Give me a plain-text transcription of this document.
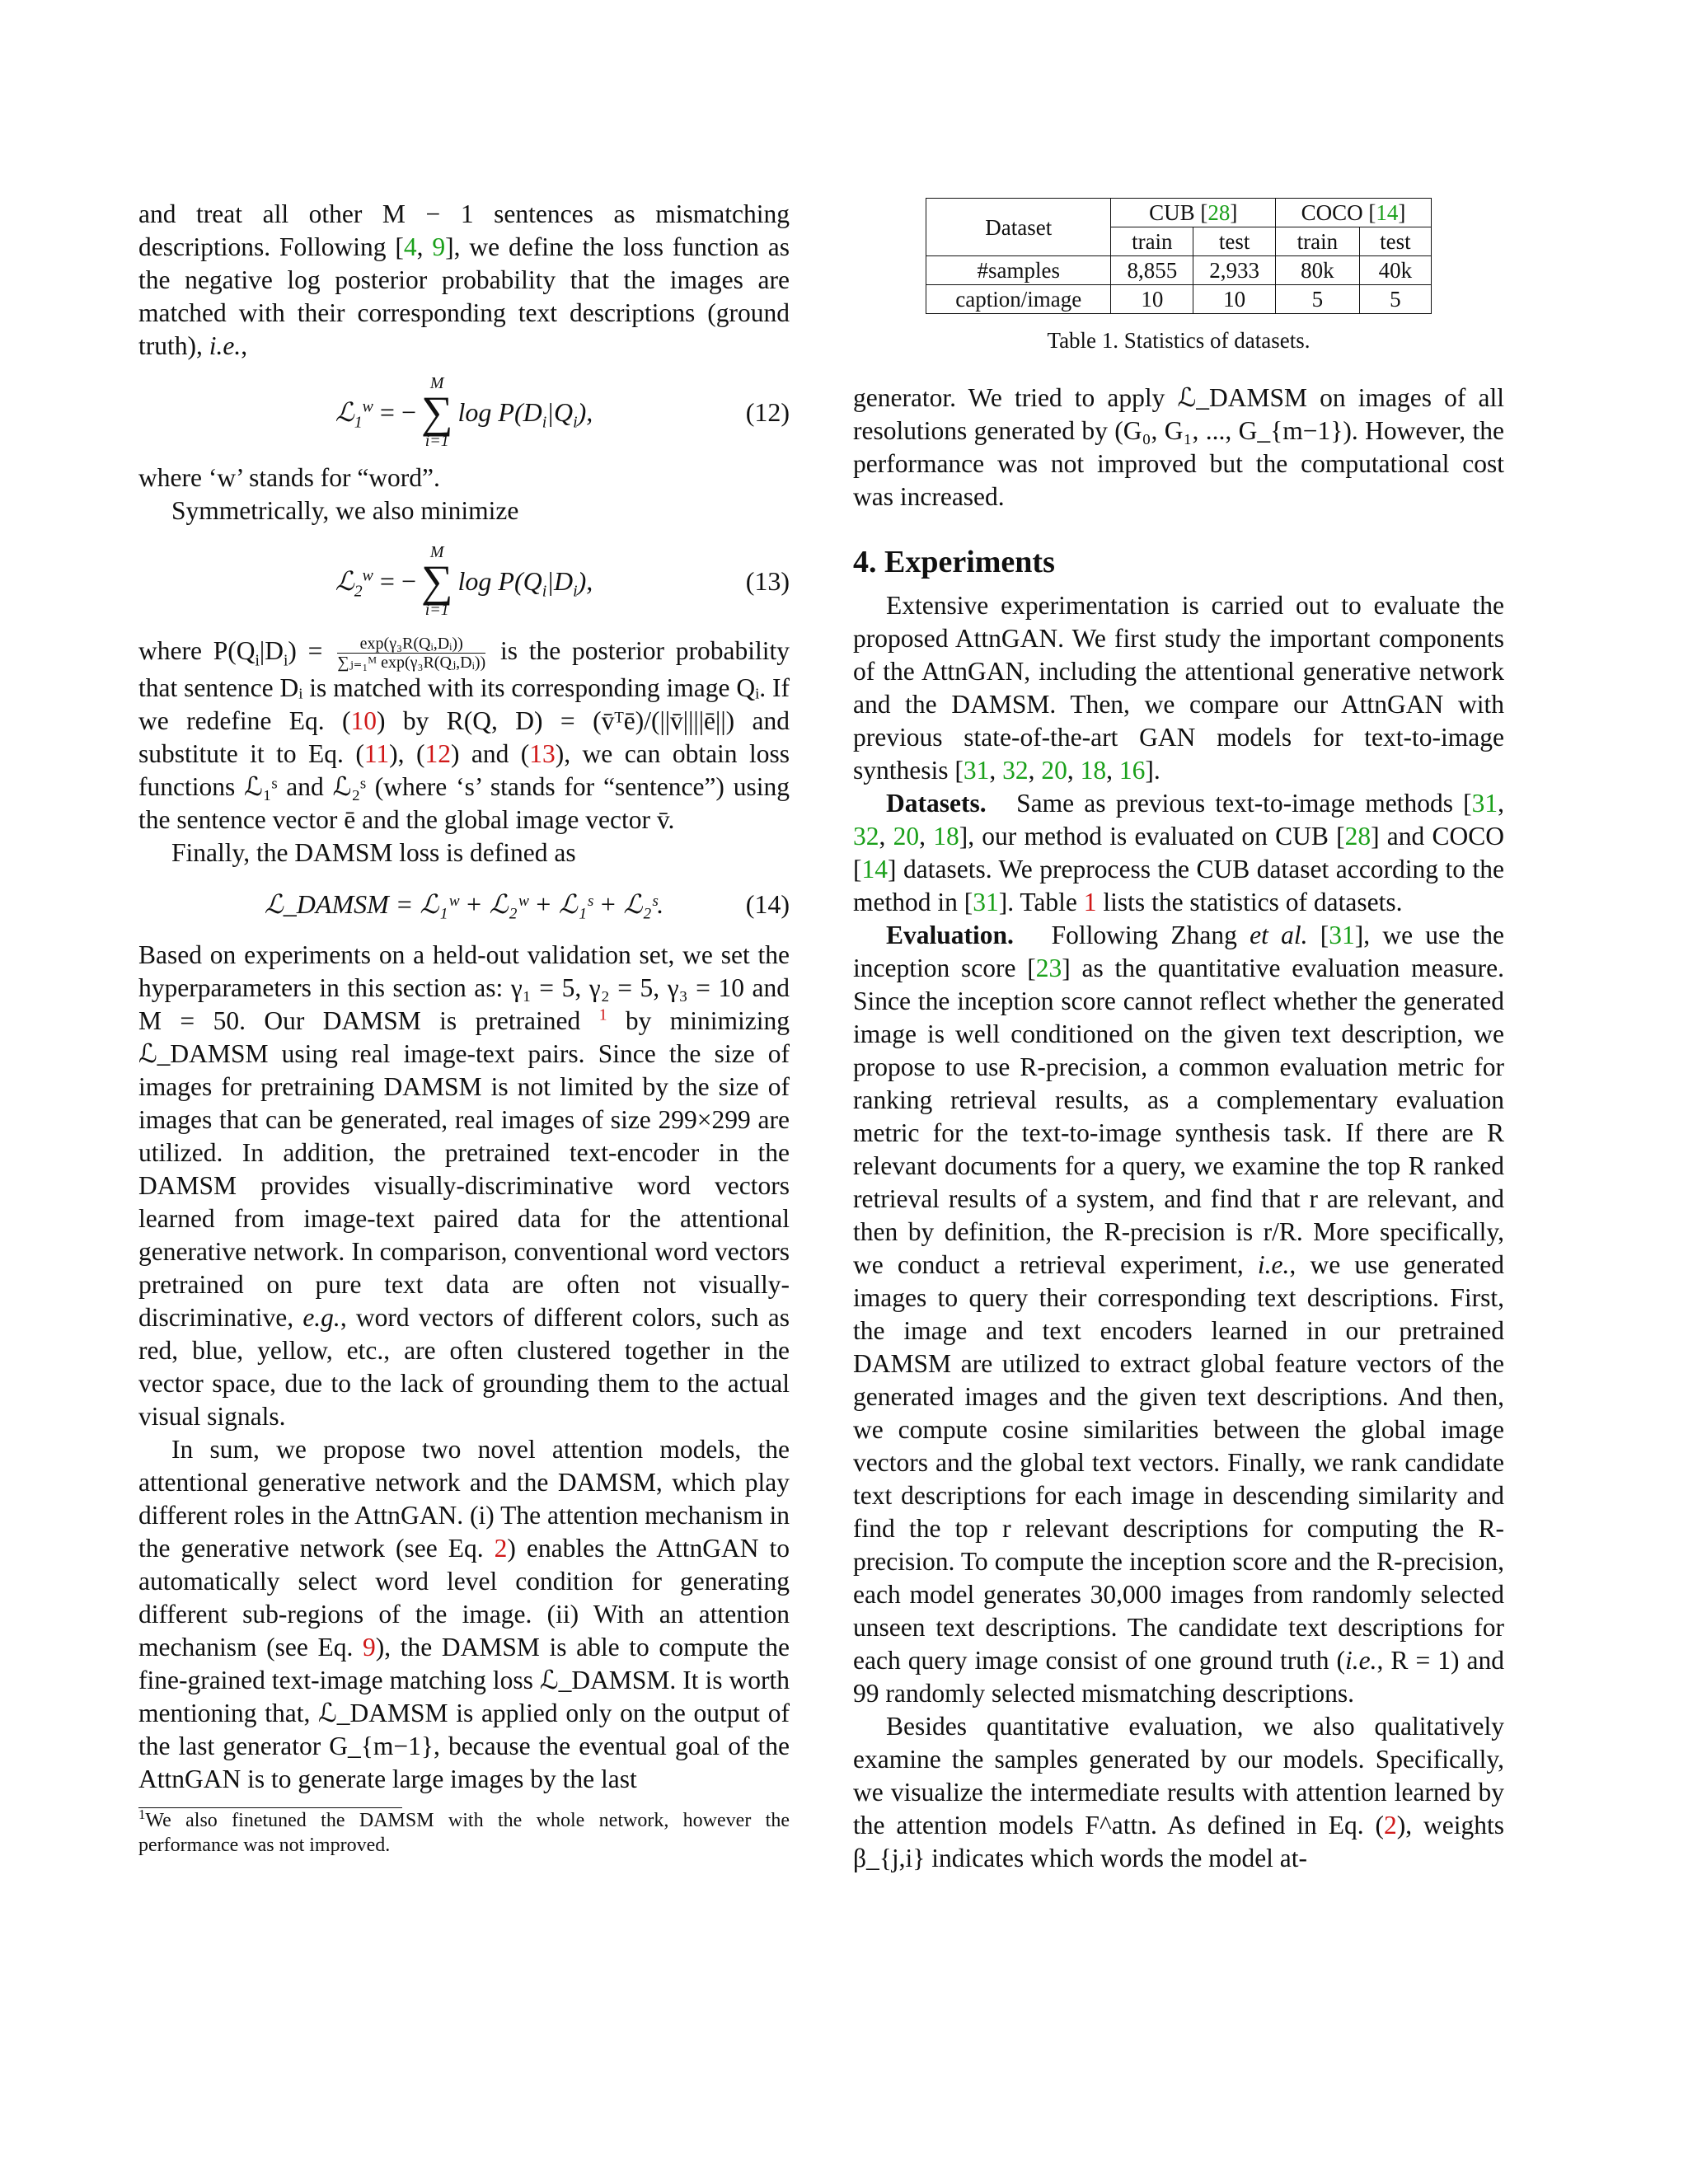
and treat all other M − 1 sentences as mismatching descriptions. Following [4, 9], we define the loss function as the negative log posterior probability that the images are matched with their corresponding text descriptions (ground truth), i.e.,

ℒ$_1^w$ = −
M
∑
i=1
$\log P(D_i|Q_i)$,	(12)

where ‘w’ stands for “word”.

Symmetrically, we also minimize

ℒ$_2^w$ = −
M
∑
i=1
$\log P(Q_i|D_i)$,	(13)

where $P(Q_i|D_i) = \frac{\text{exp(γ₃R(Qᵢ,Dᵢ))}}{\text{∑ⱼ₌₁ᴹ exp(γ₃R(Qⱼ,Dᵢ))}}$ is the posterior probability that sentence Dᵢ is matched with its corresponding image Qᵢ. If we redefine Eq. (10) by R(Q, D) = (v̄ᵀē)/(||v̄||||ē||) and substitute it to Eq. (11), (12) and (13), we can obtain loss functions ℒ₁ˢ and ℒ₂ˢ (where ‘s’ stands for “sentence”) using the sentence vector ē and the global image vector v̄.

Finally, the DAMSM loss is defined as

ℒ_DAMSM = ℒ₁ʷ + ℒ₂ʷ + ℒ₁ˢ + ℒ₂ˢ.	(14)

Based on experiments on a held-out validation set, we set the hyperparameters in this section as: γ₁ = 5, γ₂ = 5, γ₃ = 10 and M = 50. Our DAMSM is pretrained $^1$ by minimizing ℒ_DAMSM using real image-text pairs. Since the size of images for pretraining DAMSM is not limited by the size of images that can be generated, real images of size 299×299 are utilized. In addition, the pretrained text-encoder in the DAMSM provides visually-discriminative word vectors learned from image-text paired data for the attentional generative network. In comparison, conventional word vectors pretrained on pure text data are often not visually-discriminative, e.g., word vectors of different colors, such as red, blue, yellow, etc., are often clustered together in the vector space, due to the lack of grounding them to the actual visual signals.

In sum, we propose two novel attention models, the attentional generative network and the DAMSM, which play different roles in the AttnGAN. (i) The attention mechanism in the generative network (see Eq. 2) enables the AttnGAN to automatically select word level condition for generating different sub-regions of the image. (ii) With an attention mechanism (see Eq. 9), the DAMSM is able to compute the fine-grained text-image matching loss ℒ_DAMSM. It is worth mentioning that, ℒ_DAMSM is applied only on the output of the last generator G_{m−1}, because the eventual goal of the AttnGAN is to generate large images by the last

$^1$We also finetuned the DAMSM with the whole network, however the performance was not improved.

Dataset	CUB [28]		COCO [14]	
	train	test	train	test
#samples	8,855	2,933	80k	40k
caption/image	10	10	5	5
Table 1. Statistics of datasets.

generator. We tried to apply ℒ_DAMSM on images of all resolutions generated by (G₀, G₁, ..., G_{m−1}). However, the performance was not improved but the computational cost was increased.

4. Experiments

Extensive experimentation is carried out to evaluate the proposed AttnGAN. We first study the important components of the AttnGAN, including the attentional generative network and the DAMSM. Then, we compare our AttnGAN with previous state-of-the-art GAN models for text-to-image synthesis [31, 32, 20, 18, 16].

Datasets. Same as previous text-to-image methods [31, 32, 20, 18], our method is evaluated on CUB [28] and COCO [14] datasets. We preprocess the CUB dataset according to the method in [31]. Table 1 lists the statistics of datasets.

Evaluation. Following Zhang et al. [31], we use the inception score [23] as the quantitative evaluation measure. Since the inception score cannot reflect whether the generated image is well conditioned on the given text description, we propose to use R-precision, a common evaluation metric for ranking retrieval results, as a complementary evaluation metric for the text-to-image synthesis task. If there are R relevant documents for a query, we examine the top R ranked retrieval results of a system, and find that r are relevant, and then by definition, the R-precision is r/R. More specifically, we conduct a retrieval experiment, i.e., we use generated images to query their corresponding text descriptions. First, the image and text encoders learned in our pretrained DAMSM are utilized to extract global feature vectors of the generated images and the given text descriptions. And then, we compute cosine similarities between the global image vectors and the global text vectors. Finally, we rank candidate text descriptions for each image in descending similarity and find the top r relevant descriptions for computing the R-precision. To compute the inception score and the R-precision, each model generates 30,000 images from randomly selected unseen text descriptions. The candidate text descriptions for each query image consist of one ground truth (i.e., R = 1) and 99 randomly selected mismatching descriptions.

Besides quantitative evaluation, we also qualitatively examine the samples generated by our models. Specifically, we visualize the intermediate results with attention learned by the attention models F^attn. As defined in Eq. (2), weights β_{j,i} indicates which words the model at-
